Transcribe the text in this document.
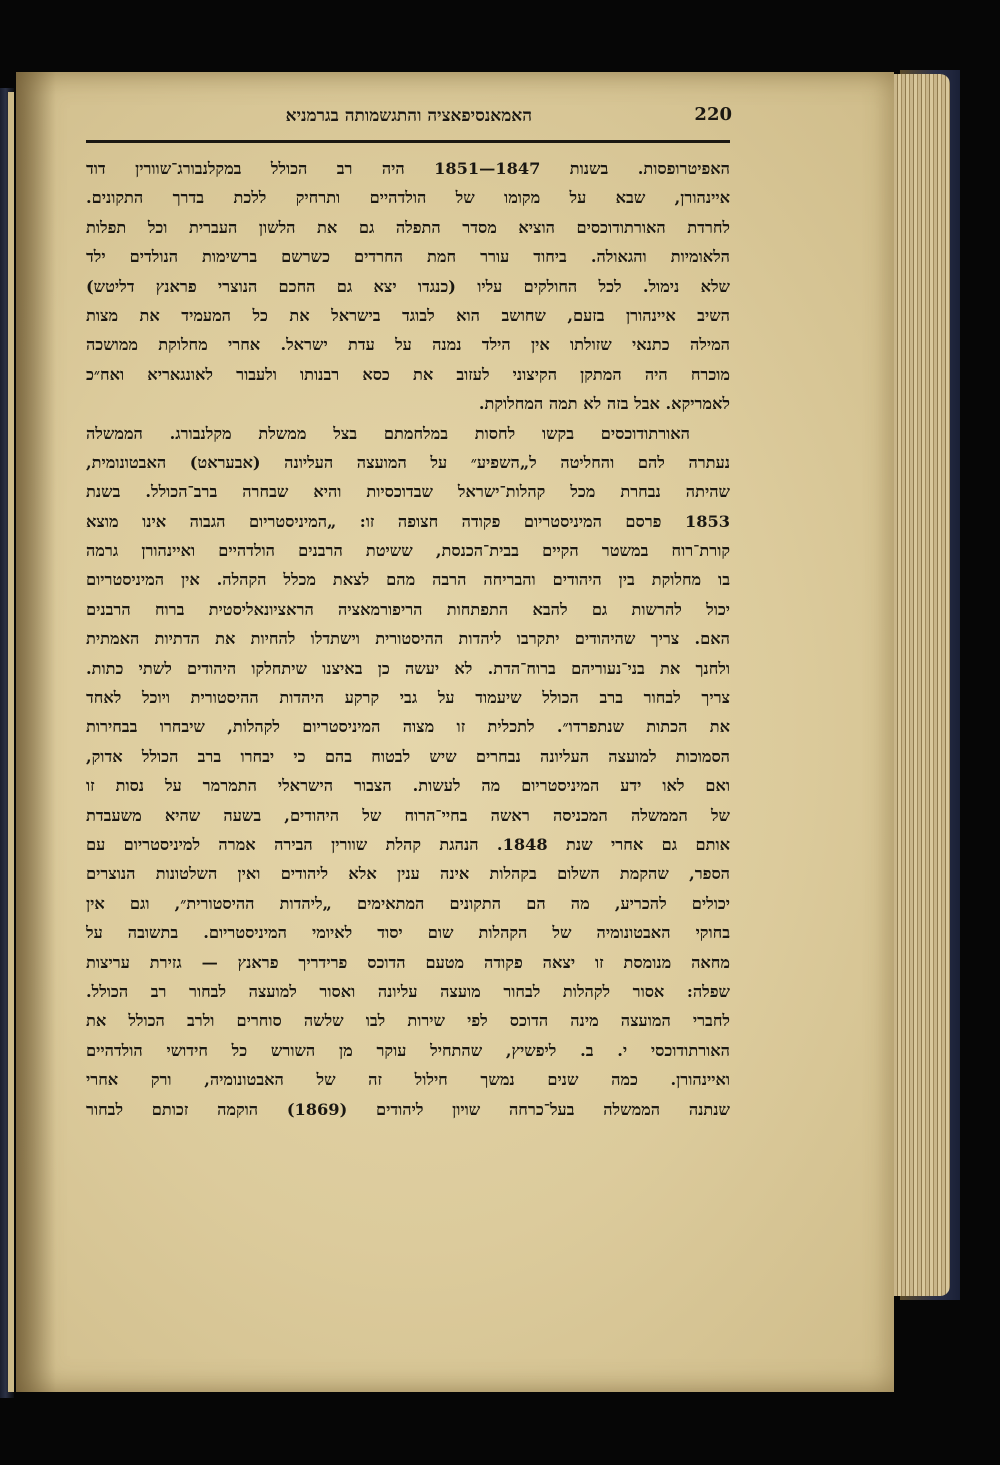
האמאנסיפאציה והתגשמותה בגרמניא	220
האפיטרופסות. בשנות 1847—1851 היה רב הכולל במקלנבורג־שוורין דוד
איינהורן, שבא על מקומו של הולדהיים ותרחיק ללכת בדרך התקונים.
לחרדת האורתודוכסים הוציא מסדר התפלה גם את הלשון העברית וכל תפלות
הלאומיות והגאולה. ביחוד עורר חמת החרדים כשרשם ברשימות הנולדים ילד
שלא נימול. לכל החולקים עליו (כנגדו יצא גם החכם הנוצרי פראנץ דליטש)
השיב איינהורן בזעם, שחושב הוא לבוגד בישראל את כל המעמיד את מצות
המילה כתנאי שזולתו אין הילד נמנה על עדת ישראל. אחרי מחלוקת ממושכה
מוכרח היה המתקן הקיצוני לעזוב את כסא רבנותו ולעבור לאונגאריא ואח״כ
לאמריקא. אבל בזה לא תמה המחלוקת.
האורתודוכסים בקשו לחסות במלחמתם בצל ממשלת מקלנבורג. הממשלה
נעתרה להם והחליטה ל„השפיע״ על המועצה העליונה (אבעראט) האבטונומית,
שהיתה נבחרת מכל קהלות־ישראל שבדוכסיות והיא שבחרה ברב־הכולל. בשנת
1853 פרסם המיניסטריום פקודה חצופה זו: „המיניסטריום הגבוה אינו מוצא
קורת־רוח במשטר הקיים בבית־הכנסת, ששיטת הרבנים הולדהיים ואיינהורן גרמה
בו מחלוקת בין היהודים והבריחה הרבה מהם לצאת מכלל הקהלה. אין המיניסטריום
יכול להרשות גם להבא התפתחות הריפורמאציה הראציונאליסטית ברוח הרבנים
האם. צריך שהיהודים יתקרבו ליהדות ההיסטורית וישתדלו להחיות את הדתיות האמתית
ולחנך את בני־נעוריהם ברוח־הדת. לא יעשה כן באיצנו שיתחלקו היהודים לשתי כתות.
צריך לבחור ברב הכולל שיעמוד על גבי קרקע היהדות ההיסטורית ויוכל לאחד
את הכתות שנתפרדו״. לתכלית זו מצוה המיניסטריום לקהלות, שיבחרו בבחירות
הסמוכות למועצה העליונה נבחרים שיש לבטוח בהם כי יבחרו ברב הכולל אדוק,
ואם לאו ידע המיניסטריום מה לעשות. הצבור הישראלי התמרמר על נסות זו
של הממשלה המכניסה ראשה בחיי־הרוח של היהודים, בשעה שהיא משעבדת
אותם גם אחרי שנת 1848. הנהגת קהלת שוורין הבירה אמרה למיניסטריום עם
הספר, שהקמת השלום בקהלות אינה ענין אלא ליהודים ואין השלטונות הנוצרים
יכולים להכריע, מה הם התקונים המתאימים „ליהדות ההיסטורית״, וגם אין
בחוקי האבטונומיה של הקהלות שום יסוד לאיומי המיניסטריום. בתשובה על
מחאה מנומסת זו יצאה פקודה מטעם הדוכס פרידריך פראנץ — גזירת עריצות
שפלה: אסור לקהלות לבחור מועצה עליונה ואסור למועצה לבחור רב הכולל.
לחברי המועצה מינה הדוכס לפי שירות לבו שלשה סוחרים ולרב הכולל את
האורתודוכסי י. ב. ליפשיץ, שהתחיל עוקר מן השורש כל חידושי הולדהיים
ואיינהורן. כמה שנים נמשך חילול זה של האבטונומיה, ורק אחרי
שנתנה הממשלה בעל־כרחה שויון ליהודים (1869) הוקמה זכותם לבחור
